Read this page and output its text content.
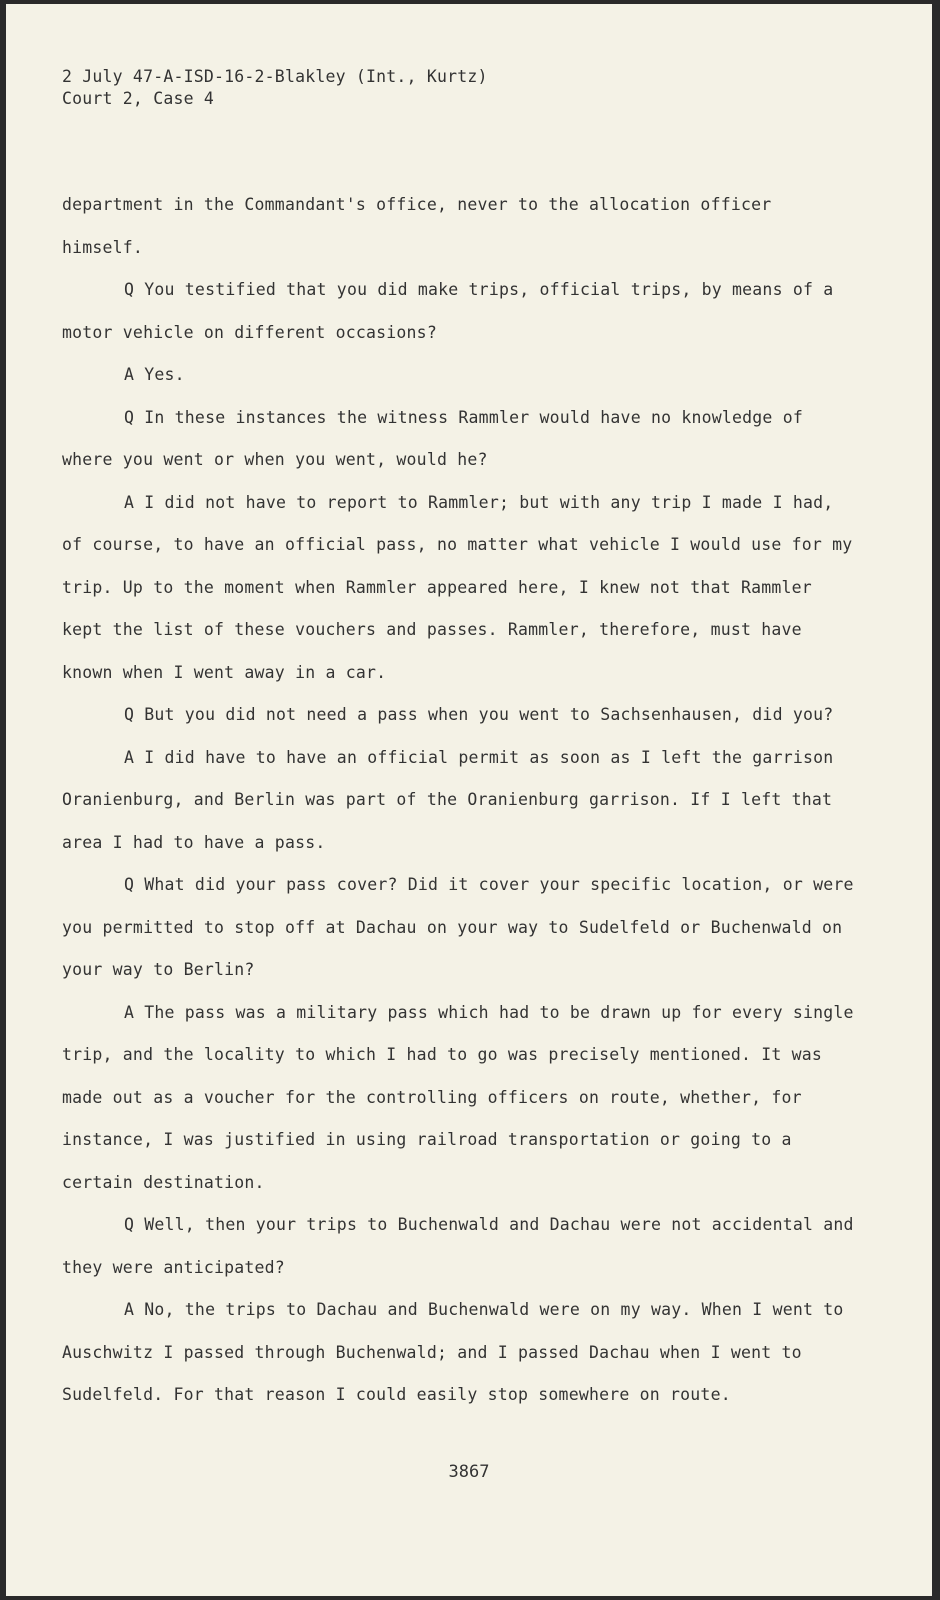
2 July 47-A-ISD-16-2-Blakley (Int., Kurtz)
Court 2, Case 4

department in the Commandant's office, never to the allocation officer himself.

Q You testified that you did make trips, official trips, by means of a motor vehicle on different occasions?

A Yes.

Q In these instances the witness Rammler would have no knowledge of where you went or when you went, would he?

A I did not have to report to Rammler; but with any trip I made I had, of course, to have an official pass, no matter what vehicle I would use for my trip. Up to the moment when Rammler appeared here, I knew not that Rammler kept the list of these vouchers and passes. Rammler, therefore, must have known when I went away in a car.

Q But you did not need a pass when you went to Sachsenhausen, did you?

A I did have to have an official permit as soon as I left the garrison Oranienburg, and Berlin was part of the Oranienburg garrison. If I left that area I had to have a pass.

Q What did your pass cover? Did it cover your specific location, or were you permitted to stop off at Dachau on your way to Sudelfeld or Buchenwald on your way to Berlin?

A The pass was a military pass which had to be drawn up for every single trip, and the locality to which I had to go was precisely mentioned. It was made out as a voucher for the controlling officers on route, whether, for instance, I was justified in using railroad transportation or going to a certain destination.

Q Well, then your trips to Buchenwald and Dachau were not accidental and they were anticipated?

A No, the trips to Dachau and Buchenwald were on my way. When I went to Auschwitz I passed through Buchenwald; and I passed Dachau when I went to Sudelfeld. For that reason I could easily stop somewhere on route.

3867
